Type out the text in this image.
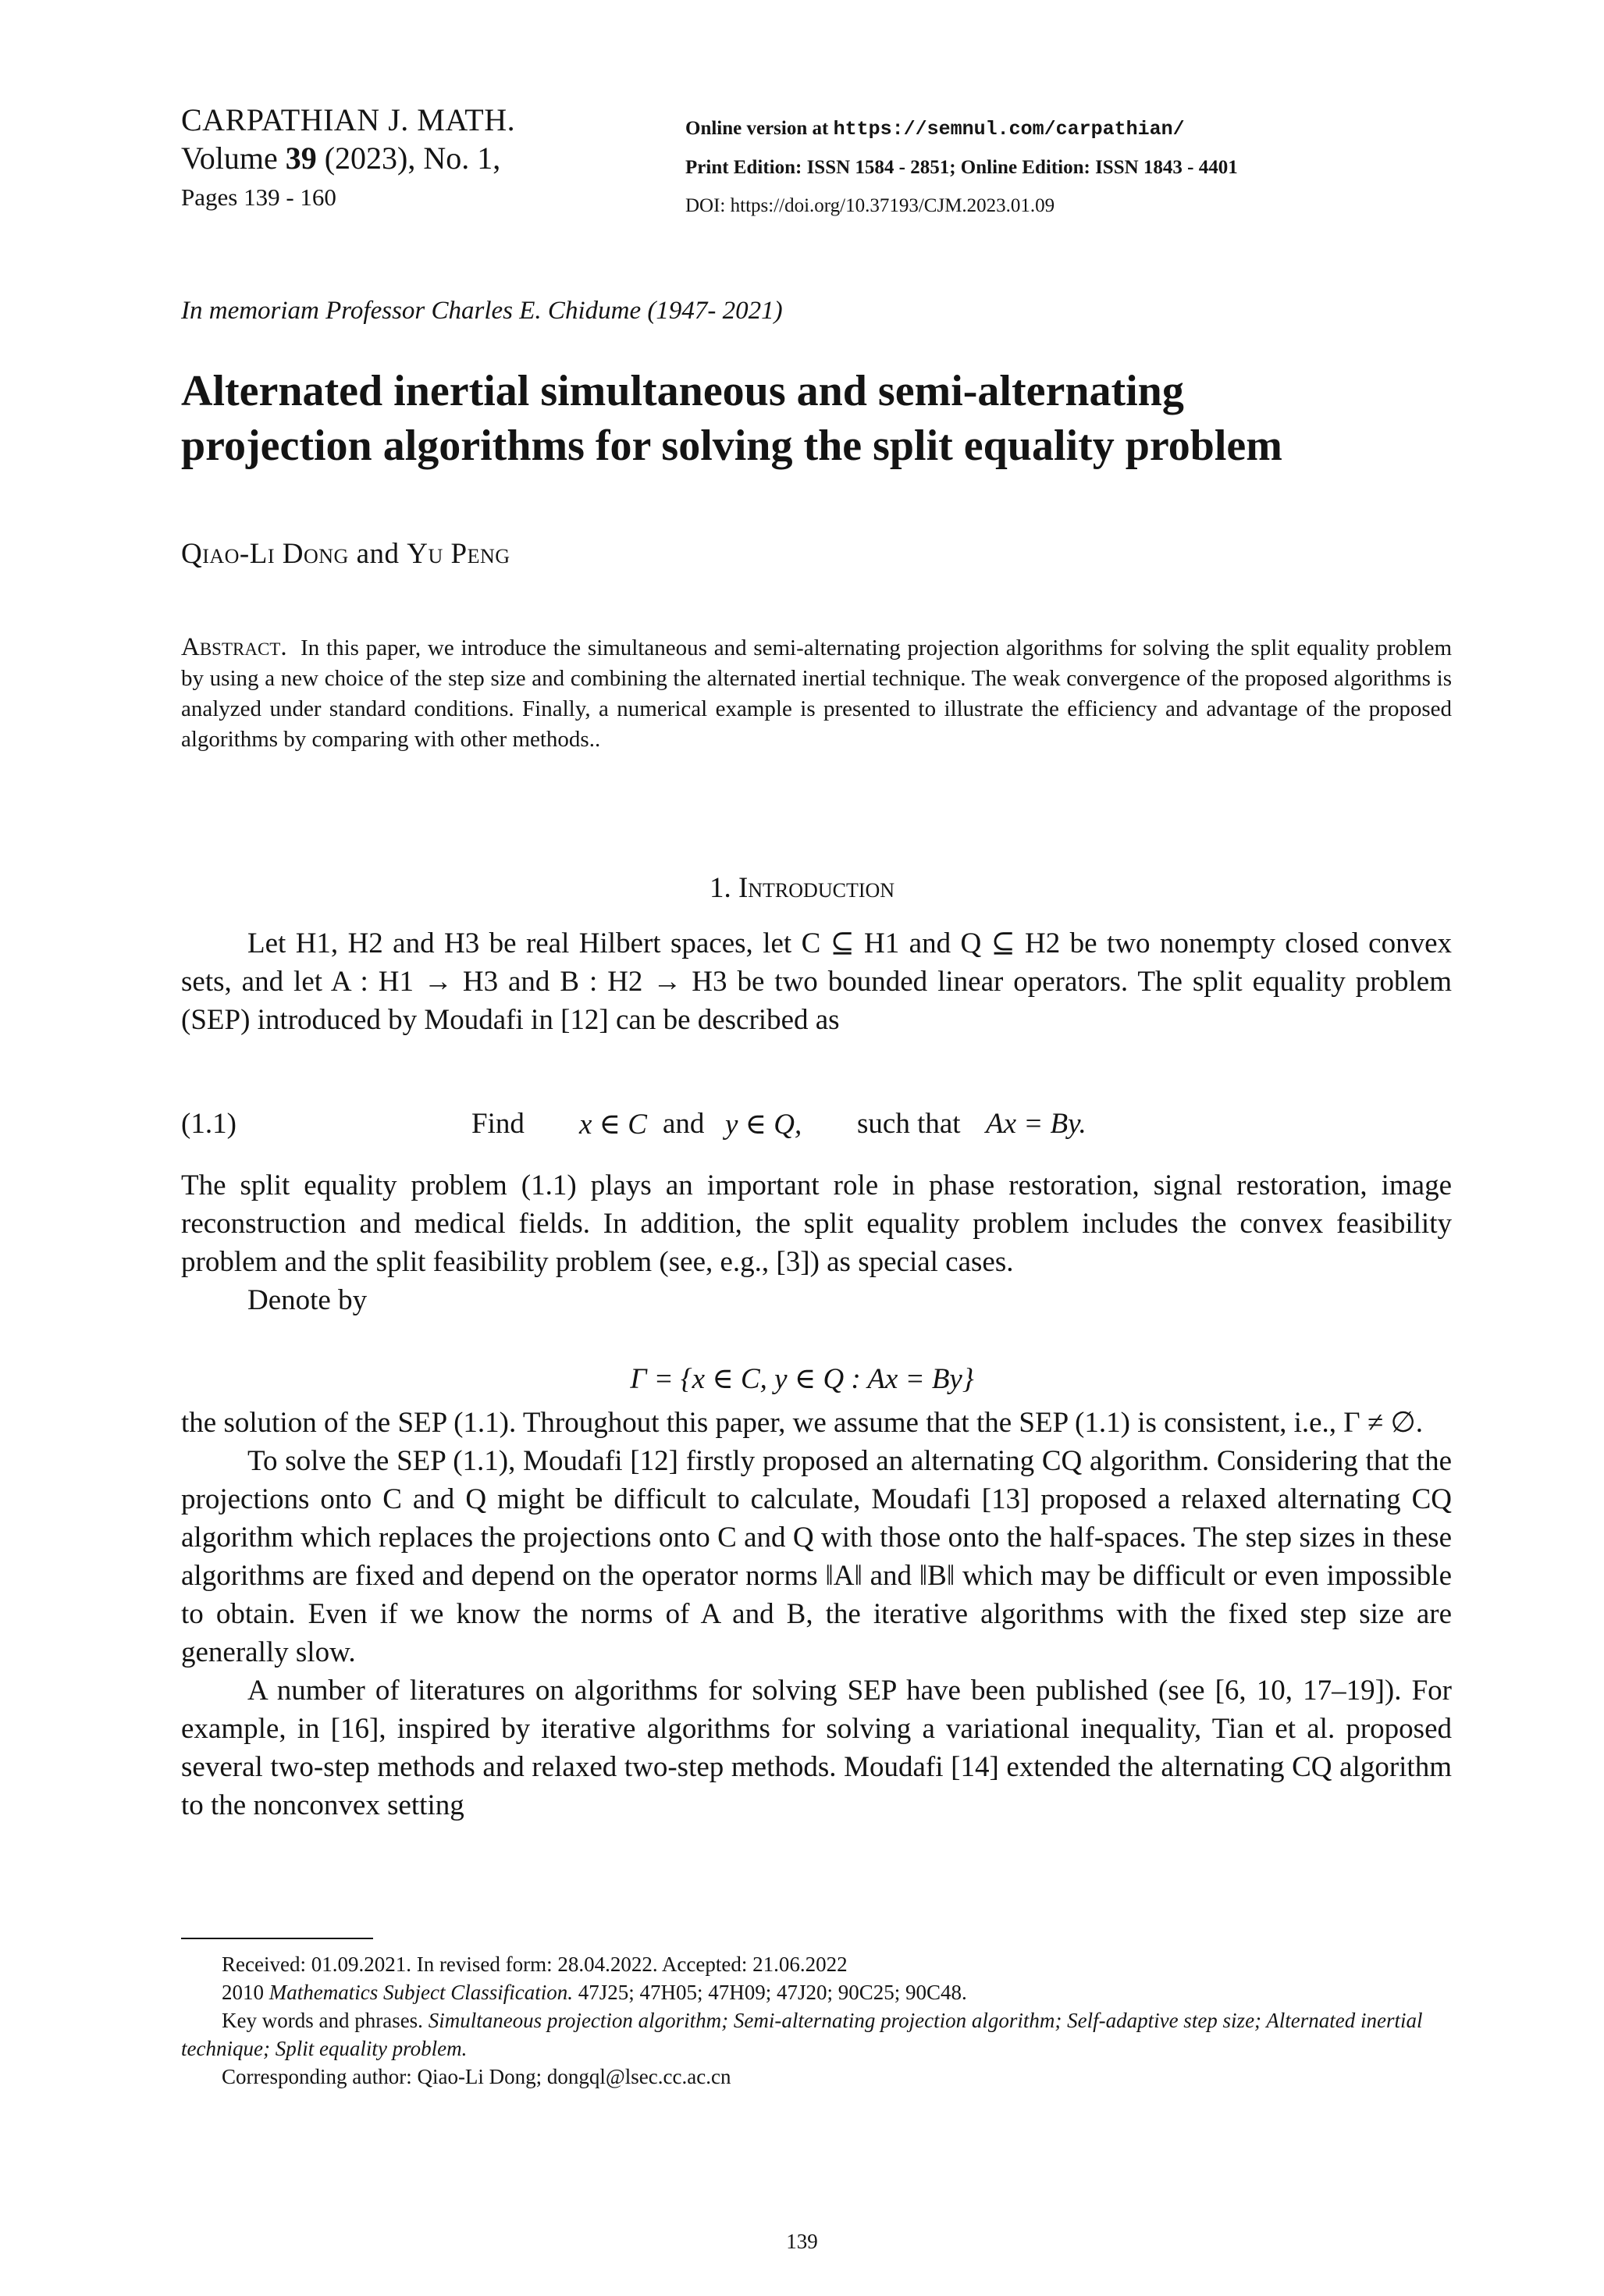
CARPATHIAN J. MATH.
Volume 39 (2023), No. 1,
Pages 139 - 160
Online version at https://semnul.com/carpathian/
Print Edition: ISSN 1584 - 2851; Online Edition: ISSN 1843 - 4401
DOI: https://doi.org/10.37193/CJM.2023.01.09
In memoriam Professor Charles E. Chidume (1947- 2021)
Alternated inertial simultaneous and semi-alternating
projection algorithms for solving the split equality problem
Qiao-Li Dong and Yu Peng
Abstract. In this paper, we introduce the simultaneous and semi-alternating projection algorithms for solving the split equality problem by using a new choice of the step size and combining the alternated inertial technique. The weak convergence of the proposed algorithms is analyzed under standard conditions. Finally, a numerical example is presented to illustrate the efficiency and advantage of the proposed algorithms by comparing with other methods..
1. Introduction

Let H1, H2 and H3 be real Hilbert spaces, let C ⊆ H1 and Q ⊆ H2 be two nonempty closed convex sets, and let A : H1 → H3 and B : H2 → H3 be two bounded linear operators. The split equality problem (SEP) introduced by Moudafi in [12] can be described as

(1.1)	Find x ∈ C and y ∈ Q, such that Ax = By.

The split equality problem (1.1) plays an important role in phase restoration, signal restoration, image reconstruction and medical fields. In addition, the split equality problem includes the convex feasibility problem and the split feasibility problem (see, e.g., [3]) as special cases.

Denote by

Γ = {x ∈ C, y ∈ Q : Ax = By}

the solution of the SEP (1.1). Throughout this paper, we assume that the SEP (1.1) is consistent, i.e., Γ ≠ ∅.

To solve the SEP (1.1), Moudafi [12] firstly proposed an alternating CQ algorithm. Considering that the projections onto C and Q might be difficult to calculate, Moudafi [13] proposed a relaxed alternating CQ algorithm which replaces the projections onto C and Q with those onto the half-spaces. The step sizes in these algorithms are fixed and depend on the operator norms ‖A‖ and ‖B‖ which may be difficult or even impossible to obtain. Even if we know the norms of A and B, the iterative algorithms with the fixed step size are generally slow.

A number of literatures on algorithms for solving SEP have been published (see [6, 10, 17–19]). For example, in [16], inspired by iterative algorithms for solving a variational inequality, Tian et al. proposed several two-step methods and relaxed two-step methods. Moudafi [14] extended the alternating CQ algorithm to the nonconvex setting

Received: 01.09.2021. In revised form: 28.04.2022. Accepted: 21.06.2022

2010 Mathematics Subject Classification. 47J25; 47H05; 47H09; 47J20; 90C25; 90C48.

Key words and phrases. Simultaneous projection algorithm; Semi-alternating projection algorithm; Self-adaptive step size; Alternated inertial technique; Split equality problem.

Corresponding author: Qiao-Li Dong; dongql@lsec.cc.ac.cn

139
